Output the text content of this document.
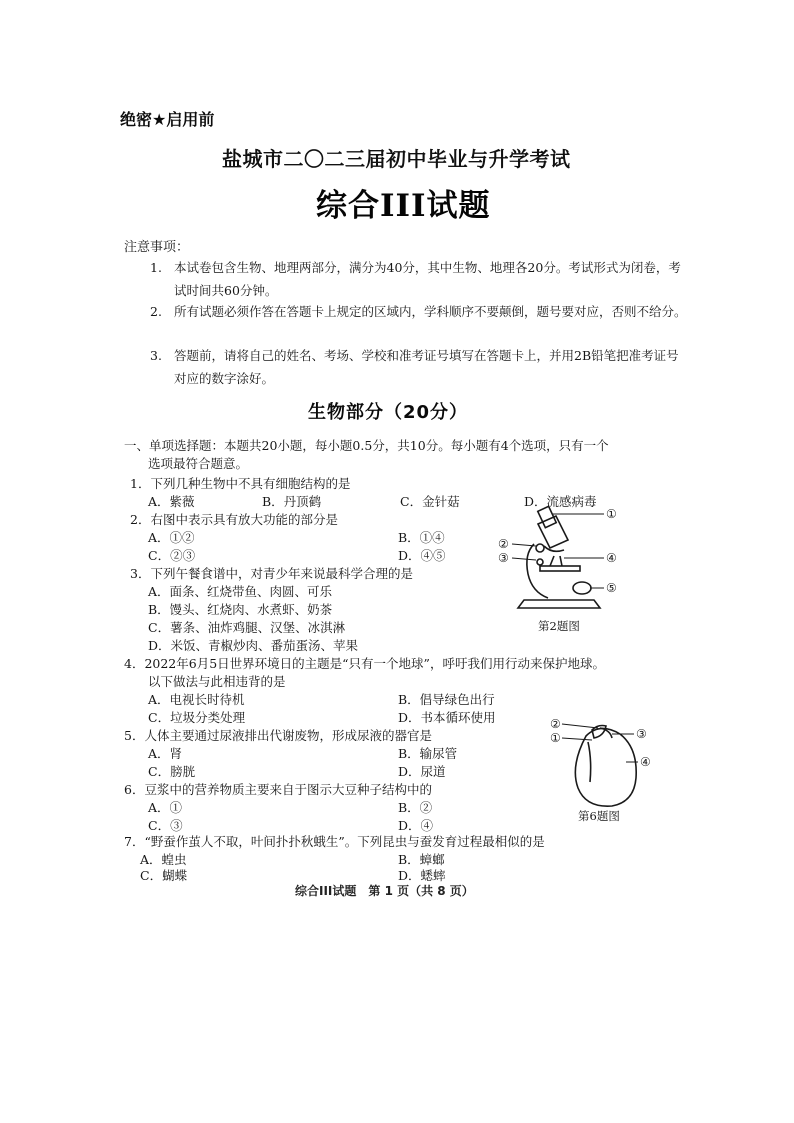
绝密★启用前
盐城市二〇二三届初中毕业与升学考试
综合III试题
注意事项：
1. 本试卷包含生物、地理两部分，满分为40分，其中生物、地理各20分。考试形式为闭卷，考试时间共60分钟。
2. 所有试题必须作答在答题卡上规定的区域内，学科顺序不要颠倒，题号要对应，否则不给分。
3. 答题前，请将自己的姓名、考场、学校和准考证号填写在答题卡上，并用2B铅笔把准考证号对应的数字涂好。
生物部分（20分）
一、单项选择题：本题共20小题，每小题0.5分，共10分。每小题有4个选项，只有一个
选项最符合题意。
1．下列几种生物中不具有细胞结构的是
A．紫薇	B．丹顶鹤	C．金针菇	D．流感病毒
2．右图中表示具有放大功能的部分是
A．①②	B．①④
C．②③	D．④⑤
①
②
③	④
⑤
3．下列午餐食谱中，对青少年来说最科学合理的是
A．面条、红烧带鱼、肉圆、可乐
B．馒头、红烧肉、水煮虾、奶茶
C．薯条、油炸鸡腿、汉堡、冰淇淋
D．米饭、青椒炒肉、番茄蛋汤、苹果
第2题图
4．2022年6月5日世界环境日的主题是“只有一个地球”，呼吁我们用行动来保护地球。
以下做法与此相违背的是
A．电视长时待机	B．倡导绿色出行
C．垃圾分类处理	D．书本循环使用
5．人体主要通过尿液排出代谢废物，形成尿液的器官是
A．肾	B．输尿管
C．膀胱	D．尿道
①
②
③
④
6．豆浆中的营养物质主要来自于图示大豆种子结构中的
A．①	B．②
C．③	D．④
第6题图
7．“野蚕作茧人不取，叶间扑扑秋蛾生”。下列昆虫与蚕发育过程最相似的是
A．蝗虫	B．蟑螂
C．蝴蝶	D．蟋蟀
综合III试题　第 1 页（共 8 页）
